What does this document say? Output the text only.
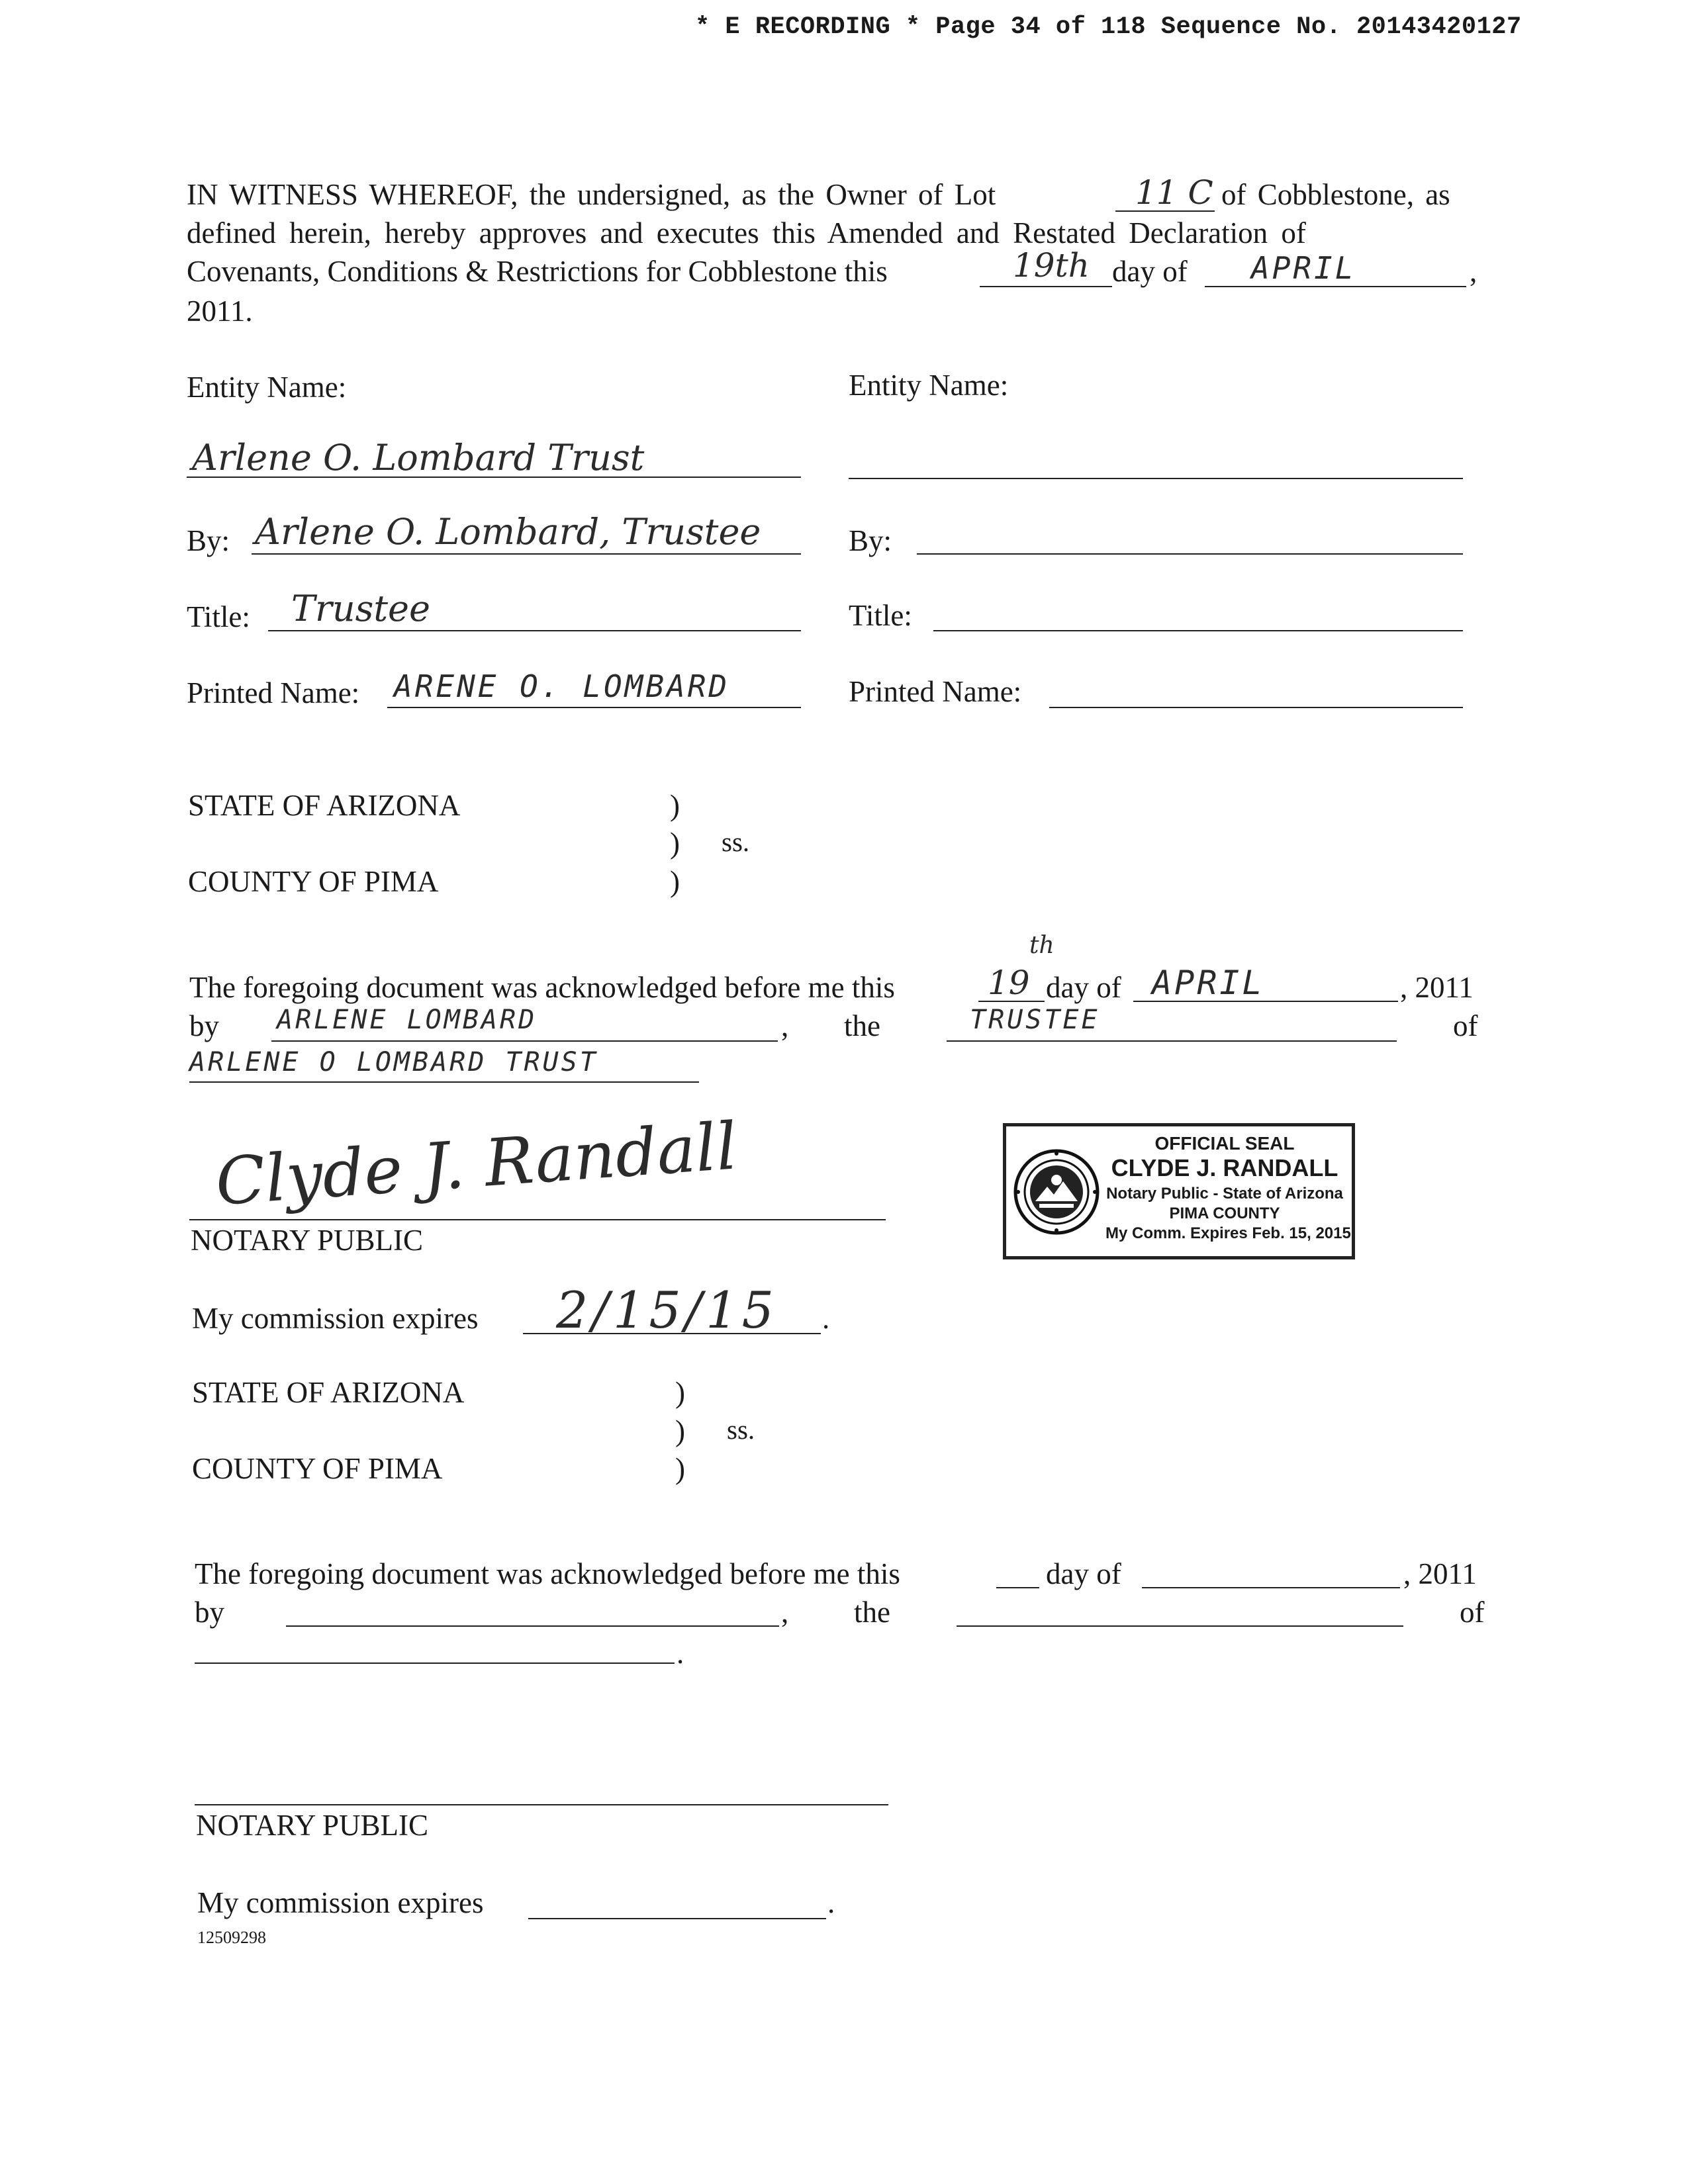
* E RECORDING * Page 34 of 118 Sequence No. 20143420127
IN WITNESS WHEREOF, the undersigned, as the Owner of Lot	11 C of Cobblestone, as
defined herein, hereby approves and executes this Amended and Restated Declaration of
Covenants, Conditions & Restrictions for Cobblestone this	19th day of APRIL	,
2011.
Entity Name:
Arlene O. Lombard Trust
By: Arlene O. Lombard, Trustee
Title: Trustee
Printed Name: ARENE O. LOMBARD
Entity Name:
By:
Title:
Printed Name:
STATE OF ARIZONA	)
) ss.
)
COUNTY OF PIMA
The foregoing document was acknowledged before me this	19
th
day of APRIL	, 2011
by ARLENE LOMBARD	, the	TRUSTEE	of
ARLENE O LOMBARD TRUST
Clyde J. Randall
NOTARY PUBLIC
My commission expires 2/15/15 .
OFFICIAL SEAL
CLYDE J. RANDALL
Notary Public - State of Arizona
PIMA COUNTY
My Comm. Expires Feb. 15, 2015
STATE OF ARIZONA	)
) ss.
)
COUNTY OF PIMA
The foregoing document was acknowledged before me this	day of	, 2011
by	, the	of
.
NOTARY PUBLIC
My commission expires	.
12509298
